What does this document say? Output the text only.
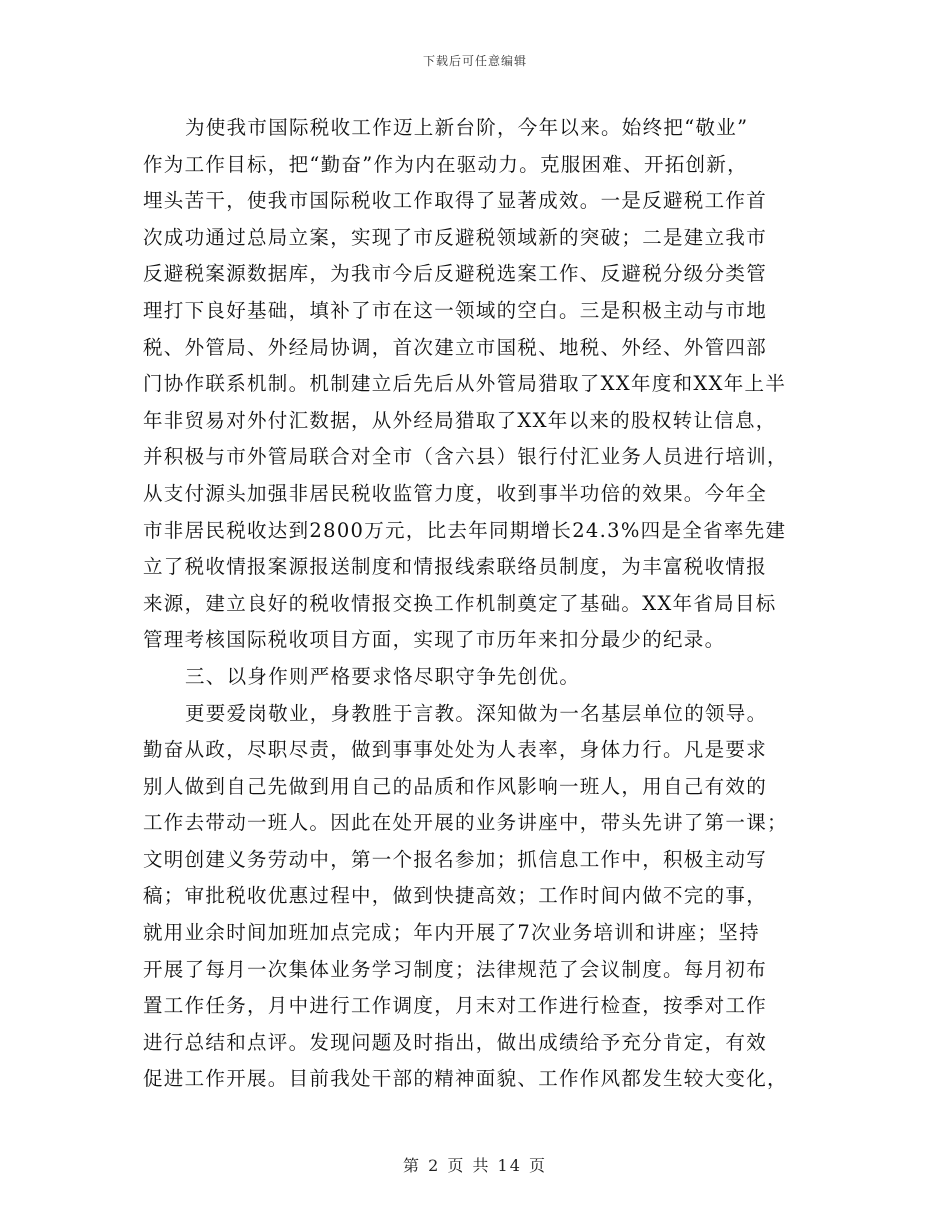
下载后可任意编辑
为使我市国际税收工作迈上新台阶，今年以来。始终把“敬业”
作为工作目标，把“勤奋”作为内在驱动力。克服困难、开拓创新，
埋头苦干，使我市国际税收工作取得了显著成效。一是反避税工作首
次成功通过总局立案，实现了市反避税领域新的突破；二是建立我市
反避税案源数据库，为我市今后反避税选案工作、反避税分级分类管
理打下良好基础，填补了市在这一领域的空白。三是积极主动与市地
税、外管局、外经局协调，首次建立市国税、地税、外经、外管四部
门协作联系机制。机制建立后先后从外管局猎取了XX年度和XX年上半
年非贸易对外付汇数据，从外经局猎取了XX年以来的股权转让信息，
并积极与市外管局联合对全市（含六县）银行付汇业务人员进行培训，
从支付源头加强非居民税收监管力度，收到事半功倍的效果。今年全
市非居民税收达到2800万元，比去年同期增长24.3%四是全省率先建
立了税收情报案源报送制度和情报线索联络员制度，为丰富税收情报
来源，建立良好的税收情报交换工作机制奠定了基础。XX年省局目标
管理考核国际税收项目方面，实现了市历年来扣分最少的纪录。
三、以身作则严格要求恪尽职守争先创优。
更要爱岗敬业，身教胜于言教。深知做为一名基层单位的领导。
勤奋从政，尽职尽责，做到事事处处为人表率，身体力行。凡是要求
别人做到自己先做到用自己的品质和作风影响一班人，用自己有效的
工作去带动一班人。因此在处开展的业务讲座中，带头先讲了第一课；
文明创建义务劳动中，第一个报名参加；抓信息工作中，积极主动写
稿；审批税收优惠过程中，做到快捷高效；工作时间内做不完的事，
就用业余时间加班加点完成；年内开展了7次业务培训和讲座；坚持
开展了每月一次集体业务学习制度；法律规范了会议制度。每月初布
置工作任务，月中进行工作调度，月末对工作进行检查，按季对工作
进行总结和点评。发现问题及时指出，做出成绩给予充分肯定，有效
促进工作开展。目前我处干部的精神面貌、工作作风都发生较大变化，
第 2 页 共 14 页
